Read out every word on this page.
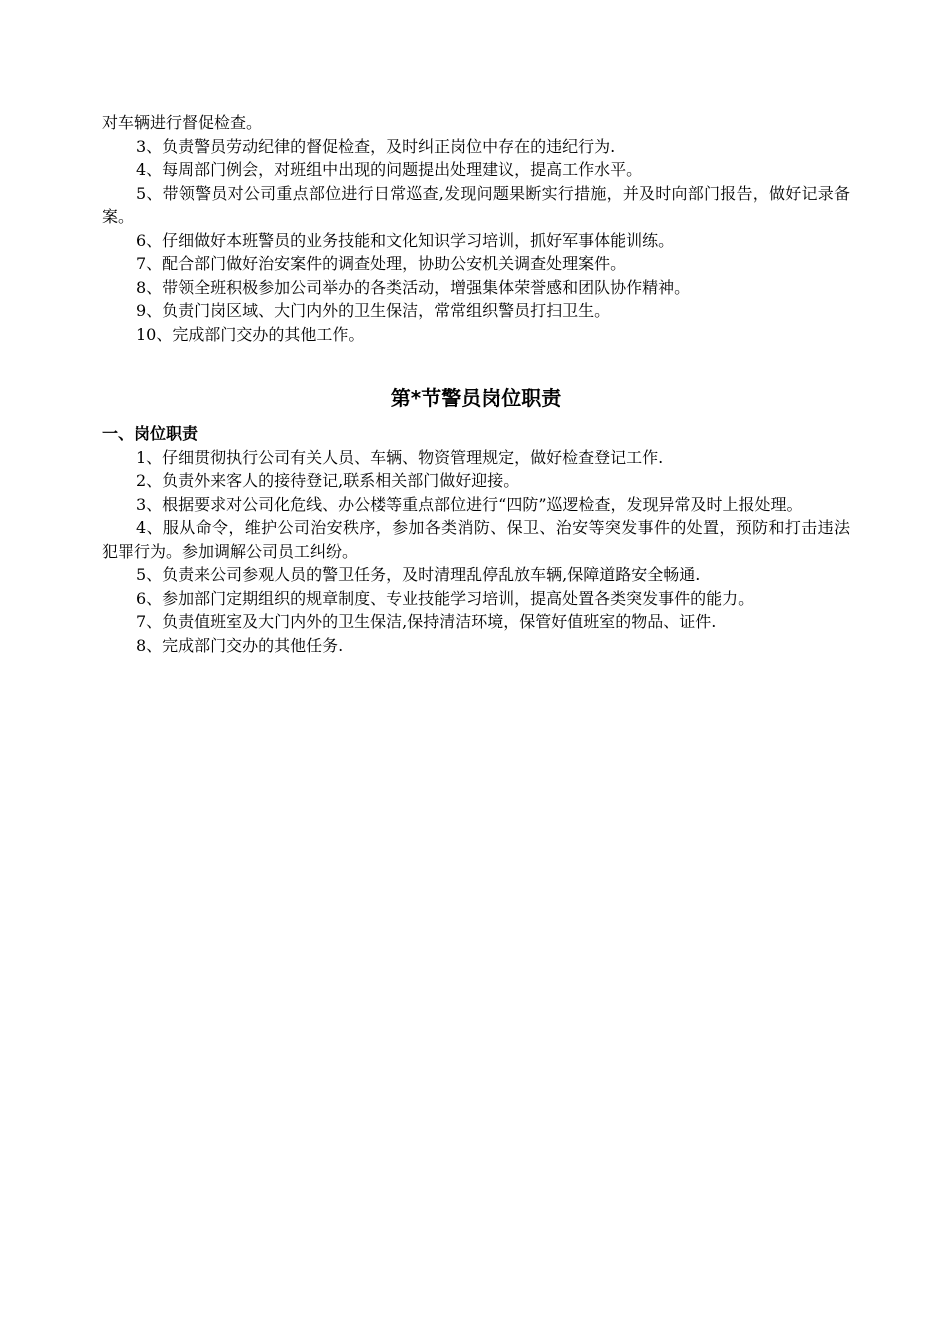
对车辆进行督促检查。

3、负责警员劳动纪律的督促检查，及时纠正岗位中存在的违纪行为.

4、每周部门例会，对班组中出现的问题提出处理建议，提高工作水平。

5、带领警员对公司重点部位进行日常巡查,发现问题果断实行措施，并及时向部门报告，做好记录备案。

6、仔细做好本班警员的业务技能和文化知识学习培训，抓好军事体能训练。

7、配合部门做好治安案件的调查处理，协助公安机关调查处理案件。

8、带领全班积极参加公司举办的各类活动，增强集体荣誉感和团队协作精神。

9、负责门岗区域、大门内外的卫生保洁，常常组织警员打扫卫生。

10、完成部门交办的其他工作。

第*节警员岗位职责
一、岗位职责

1、仔细贯彻执行公司有关人员、车辆、物资管理规定，做好检查登记工作.

2、负责外来客人的接待登记,联系相关部门做好迎接。

3、根据要求对公司化危线、办公楼等重点部位进行“四防”巡逻检查，发现异常及时上报处理。

4、服从命令，维护公司治安秩序，参加各类消防、保卫、治安等突发事件的处置，预防和打击违法犯罪行为。参加调解公司员工纠纷。

5、负责来公司参观人员的警卫任务，及时清理乱停乱放车辆,保障道路安全畅通.

6、参加部门定期组织的规章制度、专业技能学习培训，提高处置各类突发事件的能力。

7、负责值班室及大门内外的卫生保洁,保持清洁环境，保管好值班室的物品、证件.

8、完成部门交办的其他任务.
